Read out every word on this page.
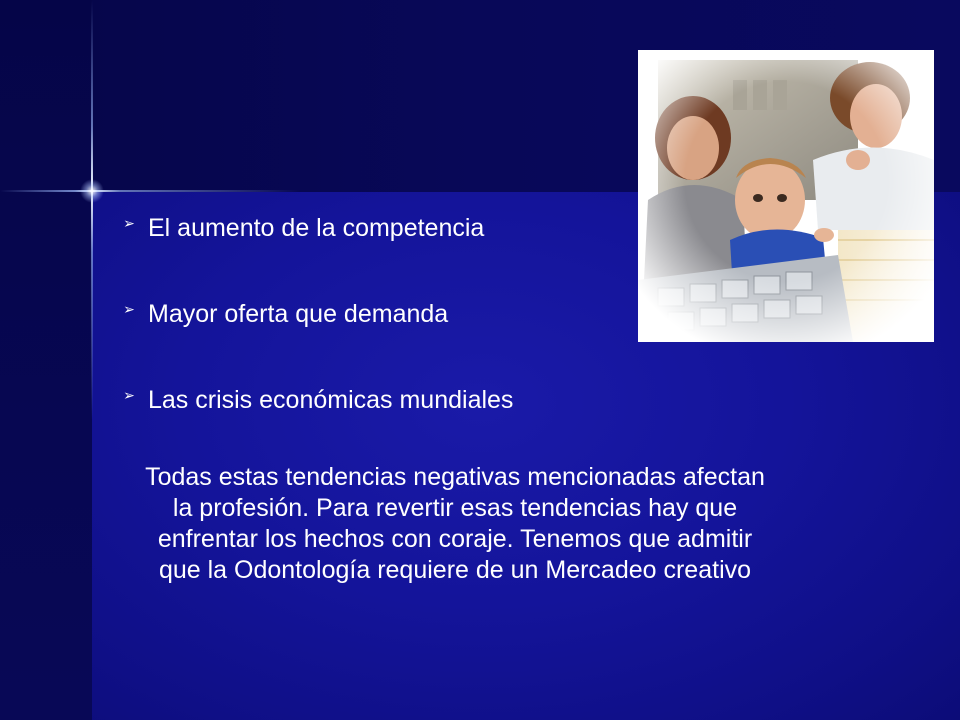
➢ El aumento de la competencia
➢ Mayor oferta que demanda
➢ Las crisis económicas mundiales

Todas estas tendencias negativas mencionadas afectan la profesión. Para revertir esas tendencias hay que enfrentar los hechos con coraje. Tenemos que admitir que la Odontología requiere de un Mercadeo creativo
